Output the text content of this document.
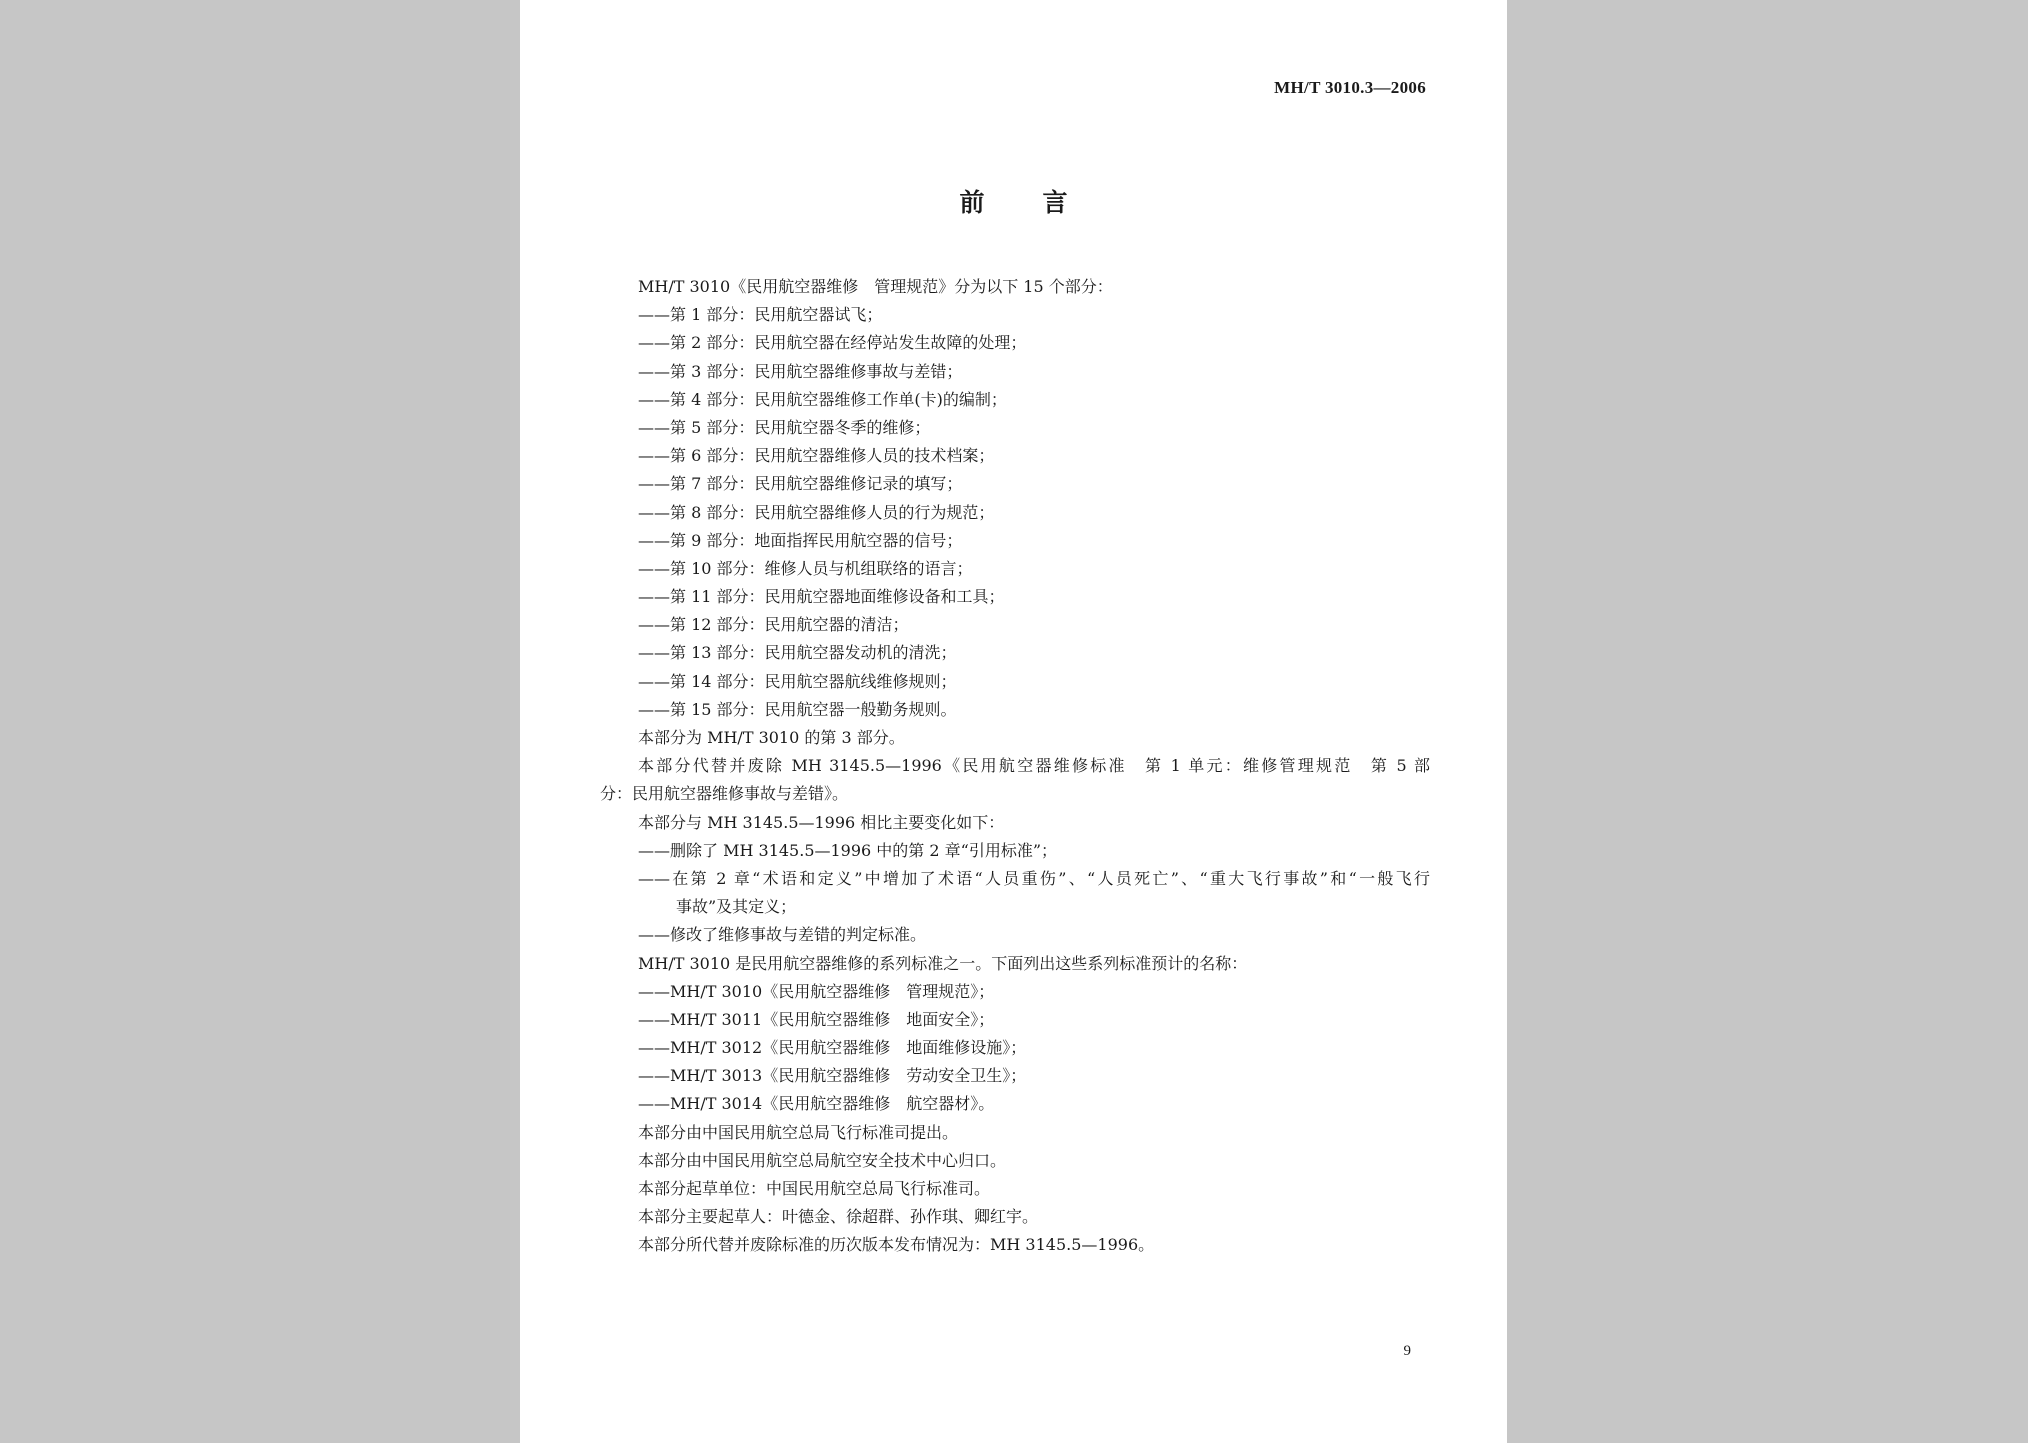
MH/T 3010.3—2006
前言
MH/T 3010《民用航空器维修　管理规范》分为以下 15 个部分：
——第 1 部分：民用航空器试飞；
——第 2 部分：民用航空器在经停站发生故障的处理；
——第 3 部分：民用航空器维修事故与差错；
——第 4 部分：民用航空器维修工作单(卡)的编制；
——第 5 部分：民用航空器冬季的维修；
——第 6 部分：民用航空器维修人员的技术档案；
——第 7 部分：民用航空器维修记录的填写；
——第 8 部分：民用航空器维修人员的行为规范；
——第 9 部分：地面指挥民用航空器的信号；
——第 10 部分：维修人员与机组联络的语言；
——第 11 部分：民用航空器地面维修设备和工具；
——第 12 部分：民用航空器的清洁；
——第 13 部分：民用航空器发动机的清洗；
——第 14 部分：民用航空器航线维修规则；
——第 15 部分：民用航空器一般勤务规则。
本部分为 MH/T 3010 的第 3 部分。
本部分代替并废除 MH 3145.5—1996《民用航空器维修标准　第 1 单元：维修管理规范　第 5 部
分：民用航空器维修事故与差错》。
本部分与 MH 3145.5—1996 相比主要变化如下：
——删除了 MH 3145.5—1996 中的第 2 章“引用标准”；
——在第 2 章“术语和定义”中增加了术语“人员重伤”、“人员死亡”、“重大飞行事故”和“一般飞行
事故”及其定义；
——修改了维修事故与差错的判定标准。
MH/T 3010 是民用航空器维修的系列标准之一。下面列出这些系列标准预计的名称：
——MH/T 3010《民用航空器维修　管理规范》；
——MH/T 3011《民用航空器维修　地面安全》；
——MH/T 3012《民用航空器维修　地面维修设施》；
——MH/T 3013《民用航空器维修　劳动安全卫生》；
——MH/T 3014《民用航空器维修　航空器材》。
本部分由中国民用航空总局飞行标准司提出。
本部分由中国民用航空总局航空安全技术中心归口。
本部分起草单位：中国民用航空总局飞行标准司。
本部分主要起草人：叶德金、徐超群、孙作琪、卿红宇。
本部分所代替并废除标准的历次版本发布情况为：MH 3145.5—1996。
9
